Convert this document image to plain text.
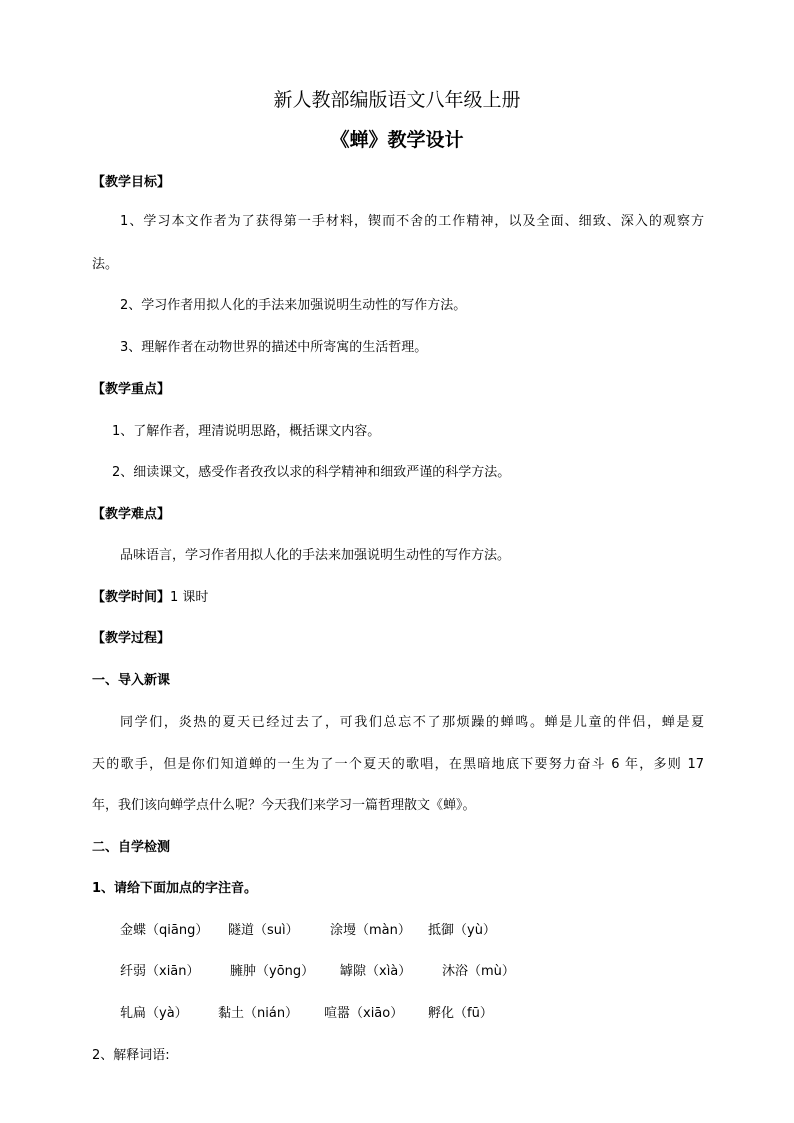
新人教部编版语文八年级上册
《蝉》教学设计
【教学目标】
1、学习本文作者为了获得第一手材料，锲而不舍的工作精神，以及全面、细致、深入的观察方
法。
2、学习作者用拟人化的手法来加强说明生动性的写作方法。
3、理解作者在动物世界的描述中所寄寓的生活哲理。
【教学重点】
1、了解作者，理清说明思路，概括课文内容。
2、细读课文，感受作者孜孜以求的科学精神和细致严谨的科学方法。
【教学难点】
品味语言，学习作者用拟人化的手法来加强说明生动性的写作方法。
【教学时间】1 课时
【教学过程】
一、导入新课
同学们，炎热的夏天已经过去了，可我们总忘不了那烦躁的蝉鸣。蝉是儿童的伴侣，蝉是夏
天的歌手，但是你们知道蝉的一生为了一个夏天的歌唱，在黑暗地底下要努力奋斗 6 年，多则 17
年，我们该向蝉学点什么呢？今天我们来学习一篇哲理散文《蝉》。
二、自学检测
1、请给下面加点的字注音。
金蝶（qiāng） 隧道（suì） 涂墁（màn） 抵御（yù）
纤弱（xiān） 臃肿（yōng） 罅隙（xìà） 沐浴（mù）
轧扁（yà） 黏土（nián） 喧嚣（xiāo） 孵化（fū）
2、解释词语:
